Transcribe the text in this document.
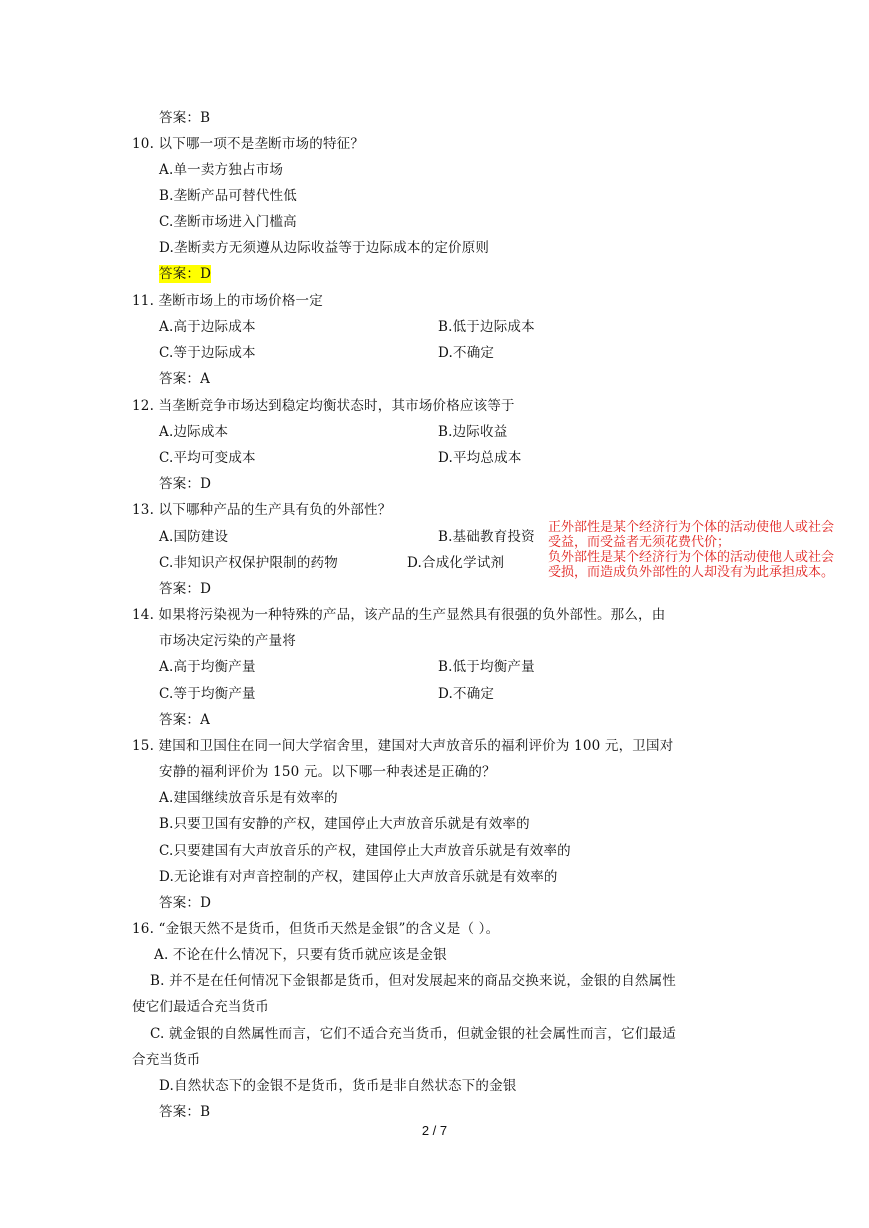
答案：B
10. 以下哪一项不是垄断市场的特征？
A.单一卖方独占市场
B.垄断产品可替代性低
C.垄断市场进入门槛高
D.垄断卖方无须遵从边际收益等于边际成本的定价原则
答案：D
11. 垄断市场上的市场价格一定
A.高于边际成本	B.低于边际成本
C.等于边际成本	D.不确定
答案：A
12. 当垄断竞争市场达到稳定均衡状态时，其市场价格应该等于
A.边际成本	B.边际收益
C.平均可变成本	D.平均总成本
答案：D
13. 以下哪种产品的生产具有负的外部性？
A.国防建设	B.基础教育投资
C.非知识产权保护限制的药物	D.合成化学试剂
答案：D
正外部性是某个经济行为个体的活动使他人或社会
受益，而受益者无须花费代价；
负外部性是某个经济行为个体的活动使他人或社会
受损，而造成负外部性的人却没有为此承担成本。
14. 如果将污染视为一种特殊的产品，该产品的生产显然具有很强的负外部性。那么，由
市场决定污染的产量将
A.高于均衡产量	B.低于均衡产量
C.等于均衡产量	D.不确定
答案：A
15. 建国和卫国住在同一间大学宿舍里，建国对大声放音乐的福利评价为 100 元，卫国对
安静的福利评价为 150 元。以下哪一种表述是正确的？
A.建国继续放音乐是有效率的
B.只要卫国有安静的产权，建国停止大声放音乐就是有效率的
C.只要建国有大声放音乐的产权，建国停止大声放音乐就是有效率的
D.无论谁有对声音控制的产权，建国停止大声放音乐就是有效率的
答案：D
16. “金银天然不是货币，但货币天然是金银”的含义是（ ）。
A. 不论在什么情况下，只要有货币就应该是金银
B. 并不是在任何情况下金银都是货币，但对发展起来的商品交换来说，金银的自然属性
使它们最适合充当货币
C. 就金银的自然属性而言，它们不适合充当货币，但就金银的社会属性而言，它们最适
合充当货币
D.自然状态下的金银不是货币，货币是非自然状态下的金银
答案：B
2 / 7
